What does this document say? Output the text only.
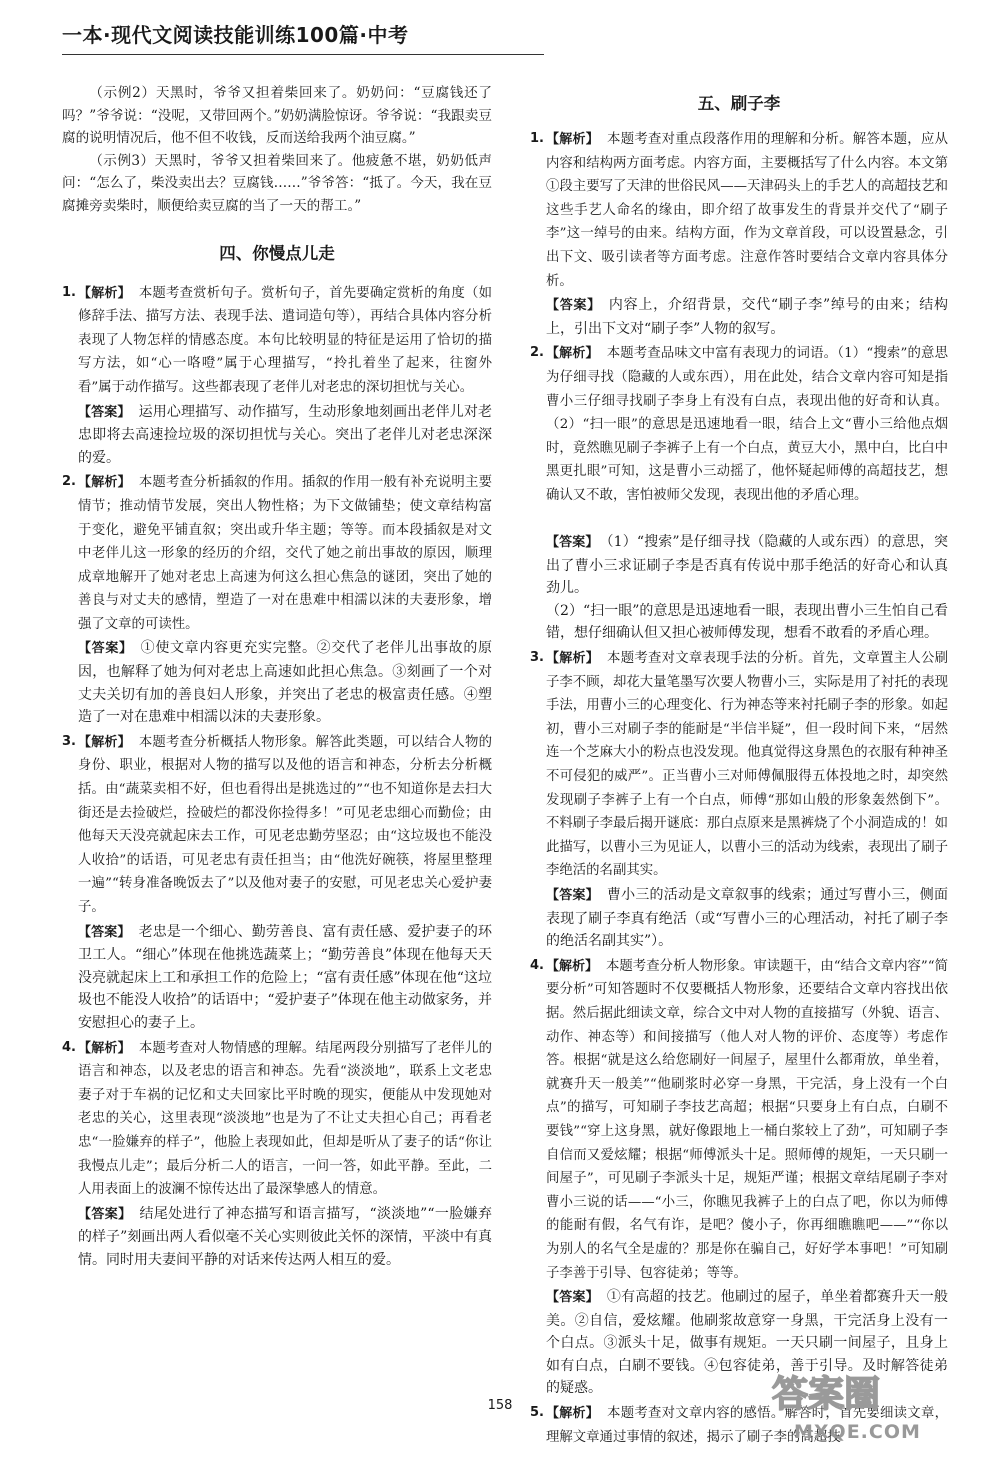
一本·现代文阅读技能训练100篇·中考

（示例2）天黑时，爷爷又担着柴回来了。奶奶问：“豆腐钱还了吗？”爷爷说：“没呢，又带回两个。”奶奶满脸惊讶。爷爷说：“我跟卖豆腐的说明情况后，他不但不收钱，反而送给我两个油豆腐。”

（示例3）天黑时，爷爷又担着柴回来了。他疲惫不堪，奶奶低声问：“怎么了，柴没卖出去？豆腐钱……”爷爷答：“抵了。今天，我在豆腐摊旁卖柴时，顺便给卖豆腐的当了一天的帮工。”

四、你慢点儿走
1. 【解析】 本题考查赏析句子。赏析句子，首先要确定赏析的角度（如修辞手法、描写方法、表现手法、遣词造句等），再结合具体内容分析表现了人物怎样的情感态度。本句比较明显的特征是运用了恰切的描写方法，如“心一咯噔”属于心理描写，“拎扎着坐了起来，往窗外看”属于动作描写。这些都表现了老伴儿对老忠的深切担忧与关心。
【答案】 运用心理描写、动作描写，生动形象地刻画出老伴儿对老忠即将去高速捡垃圾的深切担忧与关心。突出了老伴儿对老忠深深的爱。
2. 【解析】 本题考查分析插叙的作用。插叙的作用一般有补充说明主要情节；推动情节发展，突出人物性格；为下文做铺垫；使文章结构富于变化，避免平铺直叙；突出或升华主题；等等。而本段插叙是对文中老伴儿这一形象的经历的介绍，交代了她之前出事故的原因，顺理成章地解开了她对老忠上高速为何这么担心焦急的谜团，突出了她的善良与对丈夫的感情，塑造了一对在患难中相濡以沫的夫妻形象，增强了文章的可读性。
【答案】 ①使文章内容更充实完整。②交代了老伴儿出事故的原因，也解释了她为何对老忠上高速如此担心焦急。③刻画了一个对丈夫关切有加的善良妇人形象，并突出了老忠的极富责任感。④塑造了一对在患难中相濡以沫的夫妻形象。
3. 【解析】 本题考查分析概括人物形象。解答此类题，可以结合人物的身份、职业，根据对人物的描写以及他的语言和神态，分析去分析概括。由“蔬菜卖相不好，但也看得出是挑选过的”“也不知道你是去扫大街还是去捡破烂，捡破烂的都没你捡得多！”可见老忠细心而勤俭；由他每天天没亮就起床去工作，可见老忠勤劳坚忍；由“这垃圾也不能没人收拾”的话语，可见老忠有责任担当；由“他洗好碗筷，将屋里整理一遍”“转身准备晚饭去了”以及他对妻子的安慰，可见老忠关心爱护妻子。
【答案】 老忠是一个细心、勤劳善良、富有责任感、爱护妻子的环卫工人。“细心”体现在他挑选蔬菜上；“勤劳善良”体现在他每天天没亮就起床上工和承担工作的危险上；“富有责任感”体现在他“这垃圾也不能没人收拾”的话语中；“爱护妻子”体现在他主动做家务，并安慰担心的妻子上。
4. 【解析】 本题考查对人物情感的理解。结尾两段分别描写了老伴儿的语言和神态，以及老忠的语言和神态。先看“淡淡地”，联系上文老忠妻子对于车祸的记忆和丈夫回家比平时晚的现实，便能从中发现她对老忠的关心，这里表现“淡淡地”也是为了不让丈夫担心自己；再看老忠“一脸嫌弃的样子”，他脸上表现如此，但却是听从了妻子的话“你让我慢点儿走”；最后分析二人的语言，一问一答，如此平静。至此，二人用表面上的波澜不惊传达出了最深挚感人的情意。
【答案】 结尾处进行了神态描写和语言描写，“淡淡地”“一脸嫌弃的样子”刻画出两人看似毫不关心实则彼此关怀的深情，平淡中有真情。同时用夫妻间平静的对话来传达两人相互的爱。
五、刷子李
1. 【解析】 本题考查对重点段落作用的理解和分析。解答本题，应从内容和结构两方面考虑。内容方面，主要概括写了什么内容。本文第①段主要写了天津的世俗民风——天津码头上的手艺人的高超技艺和这些手艺人命名的缘由，即介绍了故事发生的背景并交代了“刷子李”这一绰号的由来。结构方面，作为文章首段，可以设置悬念，引出下文、吸引读者等方面考虑。注意作答时要结合文章内容具体分析。
【答案】 内容上，介绍背景，交代“刷子李”绰号的由来；结构上，引出下文对“刷子李”人物的叙写。
2. 【解析】 本题考查品味文中富有表现力的词语。（1）“搜索”的意思为仔细寻找（隐藏的人或东西），用在此处，结合文章内容可知是指曹小三仔细寻找刷子李身上有没有白点，表现出他的好奇和认真。（2）“扫一眼”的意思是迅速地看一眼，结合上文“曹小三给他点烟时，竟然瞧见刷子李裤子上有一个白点，黄豆大小，黑中白，比白中黑更扎眼”可知，这是曹小三动摇了，他怀疑起师傅的高超技艺，想确认又不敢，害怕被师父发现，表现出他的矛盾心理。

【答案】 （1）“搜索”是仔细寻找（隐藏的人或东西）的意思，突出了曹小三求证刷子李是否真有传说中那手绝活的好奇心和认真劲儿。
（2）“扫一眼”的意思是迅速地看一眼，表现出曹小三生怕自己看错，想仔细确认但又担心被师傅发现，想看不敢看的矛盾心理。

3. 【解析】 本题考查对文章表现手法的分析。首先，文章置主人公刷子李不顾，却花大量笔墨写次要人物曹小三，实际是用了衬托的表现手法，用曹小三的心理变化、行为神态等来衬托刷子李的形象。如起初，曹小三对刷子李的能耐是“半信半疑”，但一段时间下来，“居然连一个芝麻大小的粉点也没发现。他真觉得这身黑色的衣服有种神圣不可侵犯的威严”。正当曹小三对师傅佩服得五体投地之时，却突然发现刷子李裤子上有一个白点，师傅“那如山般的形象轰然倒下”。不料刷子李最后揭开谜底：那白点原来是黑裤烧了个小洞造成的！如此描写，以曹小三为见证人，以曹小三的活动为线索，表现出了刷子李绝活的名副其实。
【答案】 曹小三的活动是文章叙事的线索；通过写曹小三，侧面表现了刷子李真有绝活（或“写曹小三的心理活动，衬托了刷子李的绝活名副其实”）。
4. 【解析】 本题考查分析人物形象。审读题干，由“结合文章内容”“简要分析”可知答题时不仅要概括人物形象，还要结合文章内容找出依据。然后据此细读文章，综合文中对人物的直接描写（外貌、语言、动作、神态等）和间接描写（他人对人物的评价、态度等）考虑作答。根据“就是这么给您刷好一间屋子，屋里什么都甭放，单坐着，就赛升天一般美”“他刷浆时必穿一身黑，干完活，身上没有一个白点”的描写，可知刷子李技艺高超；根据“只要身上有白点，白刷不要钱”“穿上这身黑，就好像跟地上一桶白浆较上了劲”，可知刷子李自信而又爱炫耀；根据“师傅派头十足。照师傅的规矩，一天只刷一间屋子”，可见刷子李派头十足，规矩严谨；根据文章结尾刷子李对曹小三说的话——“小三，你瞧见我裤子上的白点了吧，你以为师傅的能耐有假，名气有诈，是吧？傻小子，你再细瞧瞧吧——”“你以为别人的名气全是虚的？那是你在骗自己，好好学本事吧！”可知刷子李善于引导、包容徒弟；等等。
【答案】 ①有高超的技艺。他刷过的屋子，单坐着都赛升天一般美。②自信，爱炫耀。他刷浆故意穿一身黑，干完活身上没有一个白点。③派头十足，做事有规矩。一天只刷一间屋子，且身上如有白点，白刷不要钱。④包容徒弟，善于引导。及时解答徒弟的疑惑。
5. 【解析】 本题考查对文章内容的感悟。解答时，首先要细读文章，理解文章通过事情的叙述，揭示了刷子李的高超技
158	答案圈
MXQE.COM
